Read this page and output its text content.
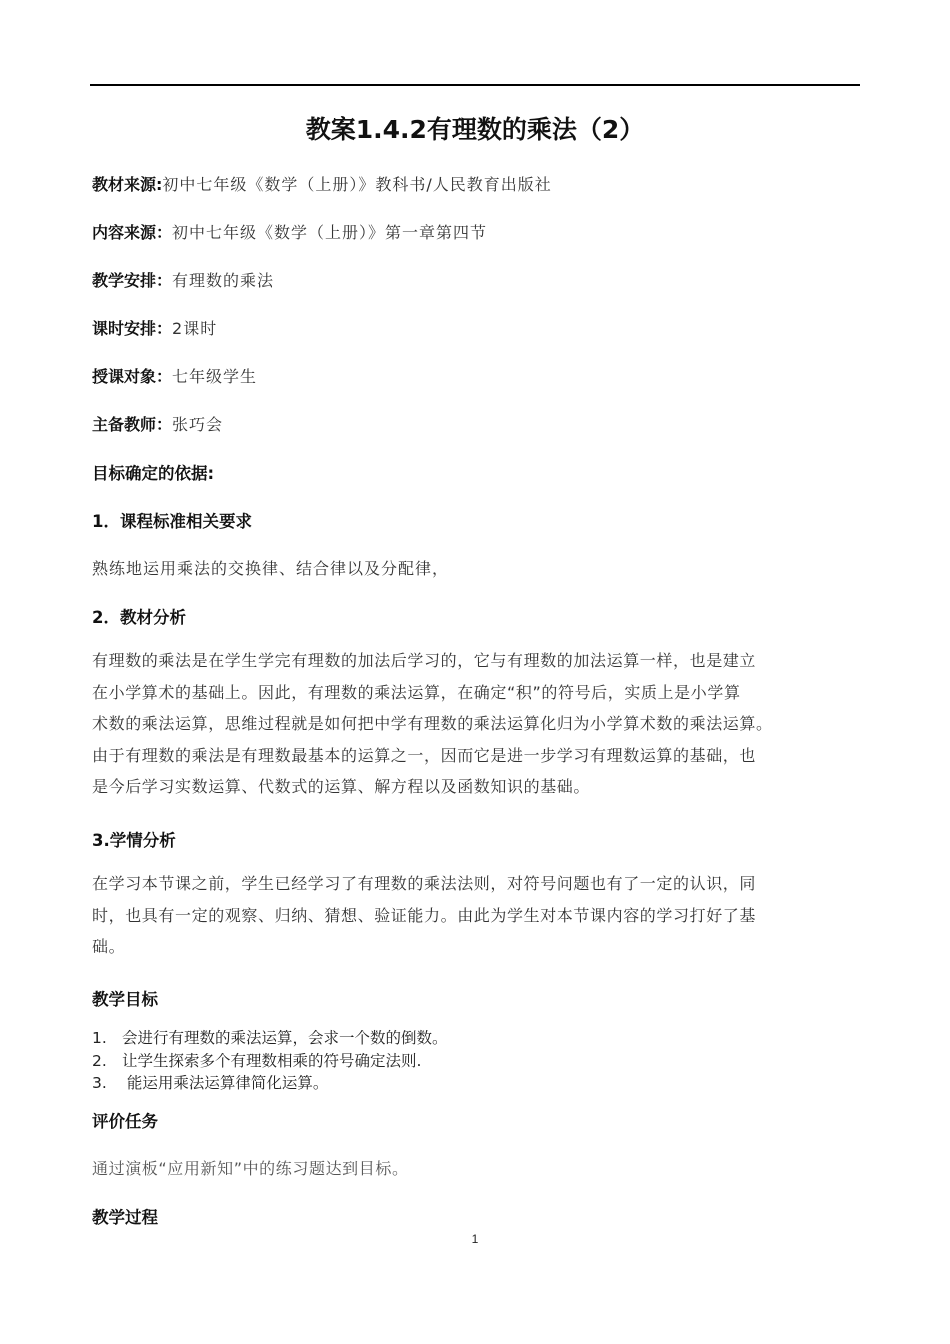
教案1.4.2有理数的乘法（2）
教材来源:初中七年级《数学（上册）》教科书/人民教育出版社
内容来源：初中七年级《数学（上册）》第一章第四节
教学安排：有理数的乘法
课时安排：2课时
授课对象：七年级学生
主备教师：张巧会
目标确定的依据:
1．课程标准相关要求
熟练地运用乘法的交换律、结合律以及分配律，
2．教材分析
有理数的乘法是在学生学完有理数的加法后学习的，它与有理数的加法运算一样，也是建立
在小学算术的基础上。因此，有理数的乘法运算，在确定“积”的符号后，实质上是小学算
术数的乘法运算，思维过程就是如何把中学有理数的乘法运算化归为小学算术数的乘法运算。
由于有理数的乘法是有理数最基本的运算之一，因而它是进一步学习有理数运算的基础，也
是今后学习实数运算、代数式的运算、解方程以及函数知识的基础。
3.学情分析
在学习本节课之前，学生已经学习了有理数的乘法法则，对符号问题也有了一定的认识，同
时，也具有一定的观察、归纳、猜想、验证能力。由此为学生对本节课内容的学习打好了基
础。
教学目标
1. 会进行有理数的乘法运算，会求一个数的倒数。
2. 让学生探索多个有理数相乘的符号确定法则.
3. 能运用乘法运算律简化运算。
评价任务
通过演板“应用新知”中的练习题达到目标。
教学过程
1
